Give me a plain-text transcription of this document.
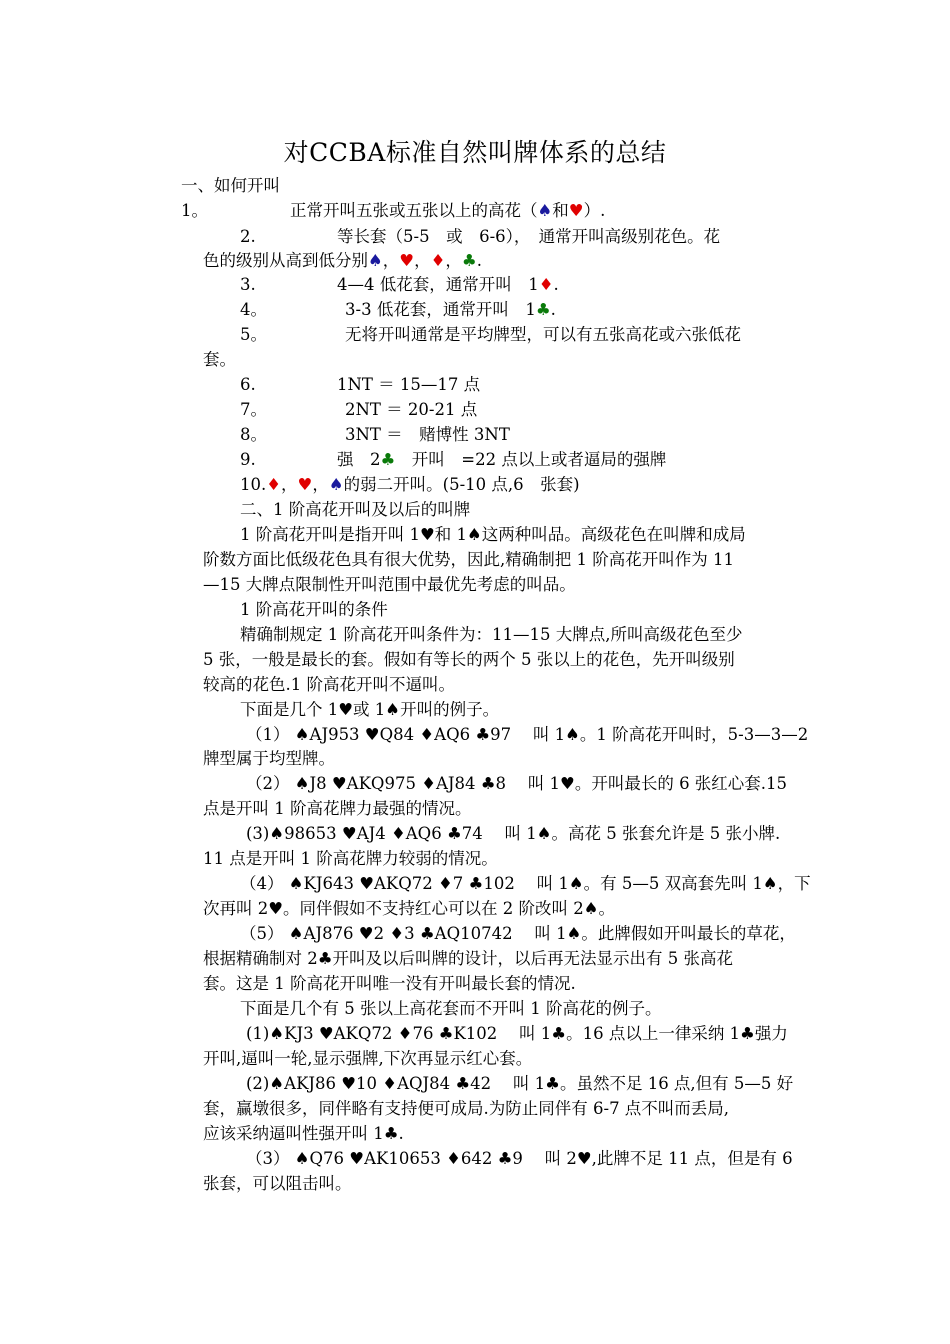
对CCBA标准自然叫牌体系的总结
一、如何开叫
1。	正常开叫五张或五张以上的高花（♠和♥）.
2.	等长套（5-5　或　6-6），　通常开叫高级别花色。花
色的级别从高到低分别♠，♥，♦，♣.
3.	4—4 低花套，通常开叫　1♦.
4。	3-3 低花套，通常开叫　1♣.
5。	无将开叫通常是平均牌型，可以有五张高花或六张低花
套。
6.	1NT ＝ 15—17 点
7。	2NT ＝ 20-21 点
8。	3NT ＝　赌博性 3NT
9.	强　2♣　开叫　=22 点以上或者逼局的强牌
10.♦，♥，♠的弱二开叫。(5-10 点,6　张套)
二、1 阶高花开叫及以后的叫牌
1 阶高花开叫是指开叫 1♥和 1♠这两种叫品。高级花色在叫牌和成局
阶数方面比低级花色具有很大优势，因此,精确制把 1 阶高花开叫作为 11
—15 大牌点限制性开叫范围中最优先考虑的叫品。
1 阶高花开叫的条件
精确制规定 1 阶高花开叫条件为：11—15 大牌点,所叫高级花色至少
5 张，一般是最长的套。假如有等长的两个 5 张以上的花色，先开叫级别
较高的花色.1 阶高花开叫不逼叫。
下面是几个 1♥或 1♠开叫的例子。
（1） ♠AJ953 ♥Q84 ♦AQ6 ♣97　 叫 1♠。1 阶高花开叫时，5-3—3—2
牌型属于均型牌。
（2） ♠J8 ♥AKQ975 ♦AJ84 ♣8　 叫 1♥。开叫最长的 6 张红心套.15
点是开叫 1 阶高花牌力最强的情况。
(3)♠98653 ♥AJ4 ♦AQ6 ♣74　 叫 1♠。高花 5 张套允许是 5 张小牌.
11 点是开叫 1 阶高花牌力较弱的情况。
（4） ♠KJ643 ♥AKQ72 ♦7 ♣102　 叫 1♠。有 5—5 双高套先叫 1♠，下
次再叫 2♥。同伴假如不支持红心可以在 2 阶改叫 2♠。
（5） ♠AJ876 ♥2 ♦3 ♣AQ10742　 叫 1♠。此牌假如开叫最长的草花，
根据精确制对 2♣开叫及以后叫牌的设计，以后再无法显示出有 5 张高花
套。这是 1 阶高花开叫唯一没有开叫最长套的情况.
下面是几个有 5 张以上高花套而不开叫 1 阶高花的例子。
(1)♠KJ3 ♥AKQ72 ♦76 ♣K102　 叫 1♣。16 点以上一律采纳 1♣强力
开叫,逼叫一轮,显示强牌,下次再显示红心套。
(2)♠AKJ86 ♥10 ♦AQJ84 ♣42　 叫 1♣。虽然不足 16 点,但有 5—5 好
套，赢墩很多，同伴略有支持便可成局.为防止同伴有 6-7 点不叫而丢局,
应该采纳逼叫性强开叫 1♣.
（3） ♠Q76 ♥AK10653 ♦642 ♣9　 叫 2♥,此牌不足 11 点，但是有 6
张套，可以阻击叫。
